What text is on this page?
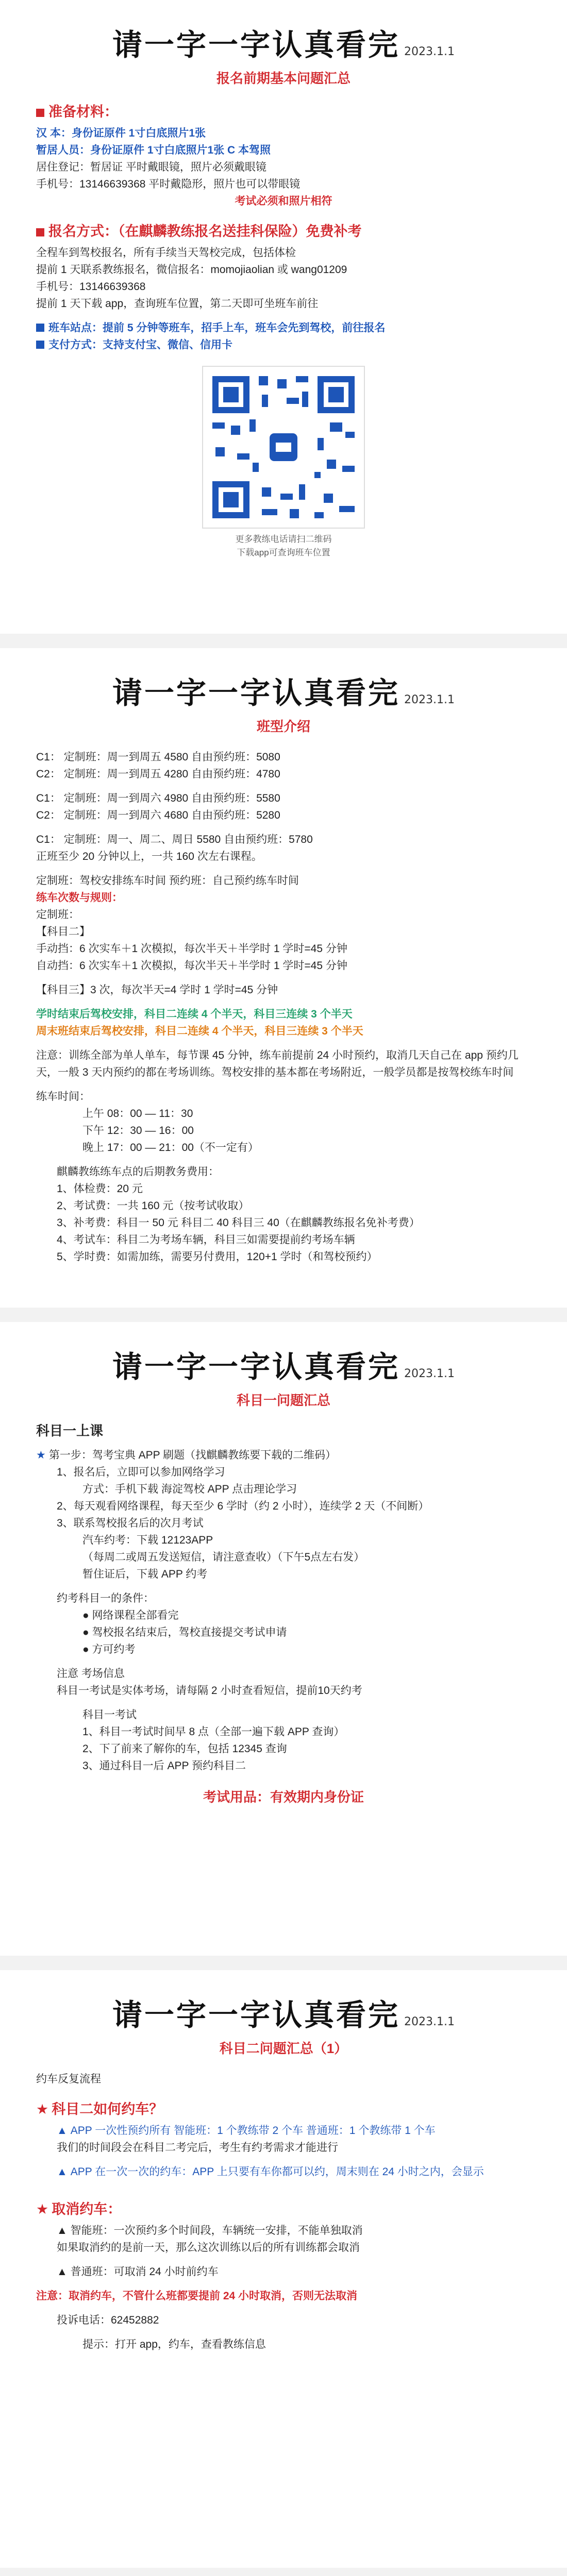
请一字一字认真看完 2023.1.1
报名前期基本问题汇总
准备材料：
汉 本：身份证原件 1寸白底照片1张
暂居人员：身份证原件 1寸白底照片1张 C 本驾照
居住登记：暂居证 平时戴眼镜，照片必须戴眼镜
手机号：13146639368 平时戴隐形，照片也可以带眼镜
考试必须和照片相符
报名方式：（在麒麟教练报名送挂科保险）免费补考
全程车到驾校报名，所有手续当天驾校完成，包括体检
提前 1 天联系教练报名，微信报名：momojiaolian 或 wang01209
手机号：13146639368
提前 1 天下载 app，查询班车位置，第二天即可坐班车前往
班车站点：提前 5 分钟等班车，招手上车，班车会先到驾校，前往报名
支付方式：支持支付宝、微信、信用卡
更多教练电话请扫二维码
下载app可查询班车位置
请一字一字认真看完 2023.1.1
班型介绍
C1： 定制班：周一到周五 4580 自由预约班：5080
C2： 定制班：周一到周五 4280 自由预约班：4780
C1： 定制班：周一到周六 4980 自由预约班：5580
C2： 定制班：周一到周六 4680 自由预约班：5280
C1： 定制班：周一、周二、周日 5580 自由预约班：5780
正班至少 20 分钟以上，一共 160 次左右课程。
定制班：驾校安排练车时间 预约班：自己预约练车时间
练车次数与规则：
定制班：
【科目二】
手动挡：6 次实车＋1 次模拟，每次半天＋半学时 1 学时=45 分钟
自动挡：6 次实车＋1 次模拟，每次半天＋半学时 1 学时=45 分钟
【科目三】3 次，每次半天=4 学时 1 学时=45 分钟
学时结束后驾校安排，科目二连续 4 个半天，科目三连续 3 个半天
周末班结束后驾校安排，科目二连续 4 个半天，科目三连续 3 个半天
注意：训练全部为单人单车，每节课 45 分钟，练车前提前 24 小时预约，取消几天自己在 app 预约几天，一般 3 天内预约的都在考场训练。驾校安排的基本都在考场附近，一般学员都是按驾校练车时间
练车时间：
上午 08：00 — 11：30
下午 12：30 — 16：00
晚上 17：00 — 21：00（不一定有）
麒麟教练练车点的后期教务费用：
1、体检费：20 元
2、考试费：一共 160 元（按考试收取）
3、补考费：科目一 50 元 科目二 40 科目三 40（在麒麟教练报名免补考费）
4、考试车：科目二为考场车辆，科目三如需要提前约考场车辆
5、学时费：如需加练，需要另付费用，120+1 学时（和驾校预约）
请一字一字认真看完 2023.1.1
科目一问题汇总
科目一上课
★ 第一步：驾考宝典 APP 刷题（找麒麟教练要下载的二维码）
1、报名后，立即可以参加网络学习
方式：手机下载 海淀驾校 APP 点击理论学习
2、每天观看网络课程，每天至少 6 学时（约 2 小时），连续学 2 天（不间断）
3、联系驾校报名后的次月考试
汽车约考：下载 12123APP
（每周二或周五发送短信，请注意查收）（下午5点左右发）
暂住证后，下载 APP 约考
约考科目一的条件：
● 网络课程全部看完
● 驾校报名结束后，驾校直接提交考试申请
● 方可约考
注意 考场信息
科目一考试是实体考场，请每隔 2 小时查看短信，提前10天约考
科目一考试
1、科目一考试时间早 8 点（全部一遍下载 APP 查询）
2、下了前来了解你的车，包括 12345 查询
3、通过科目一后 APP 预约科目二
考试用品：有效期内身份证
请一字一字认真看完 2023.1.1
科目二问题汇总（1）
约车反复流程
★ 科目二如何约车？
▲ APP 一次性预约所有 智能班：1 个教练带 2 个车 普通班：1 个教练带 1 个车
我们的时间段会在科目二考完后，考生有约考需求才能进行
▲ APP 在一次一次的约车：APP 上只要有车你都可以约，周末则在 24 小时之内，会显示
★ 取消约车：
▲ 智能班：一次预约多个时间段，车辆统一安排，不能单独取消
如果取消约的是前一天，那么这次训练以后的所有训练都会取消
▲ 普通班：可取消 24 小时前约车
注意：取消约车，不管什么班都要提前 24 小时取消，否则无法取消
投诉电话：62452882
提示：打开 app，约车，查看教练信息
